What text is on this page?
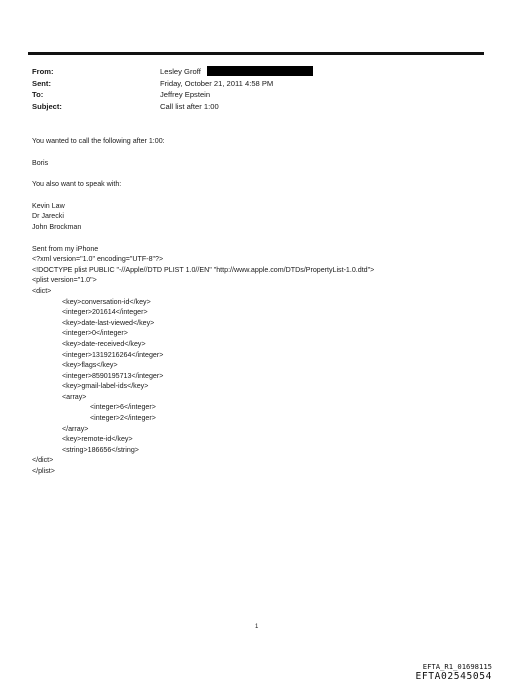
From:	Lesley Groff
Sent:	Friday, October 21, 2011 4:58 PM
To:	Jeffrey Epstein
Subject:	Call list after 1:00
You wanted to call the following after 1:00:
Boris
You also want to speak with:
Kevin Law
Dr Jarecki
John Brockman
Sent from my iPhone
<?xml version="1.0" encoding="UTF-8"?>
<!DOCTYPE plist PUBLIC "-//Apple//DTD PLIST 1.0//EN" "http://www.apple.com/DTDs/PropertyList-1.0.dtd">
<plist version="1.0">
<dict>
<key>conversation-id</key>
<integer>201614</integer>
<key>date-last-viewed</key>
<integer>0</integer>
<key>date-received</key>
<integer>1319216264</integer>
<key>flags</key>
<integer>8590195713</integer>
<key>gmail-label-ids</key>
<array>
<integer>6</integer>
<integer>2</integer>
</array>
<key>remote-id</key>
<string>186656</string>
</dict>
</plist>
1
EFTA_R1_01698115
EFTA02545054
